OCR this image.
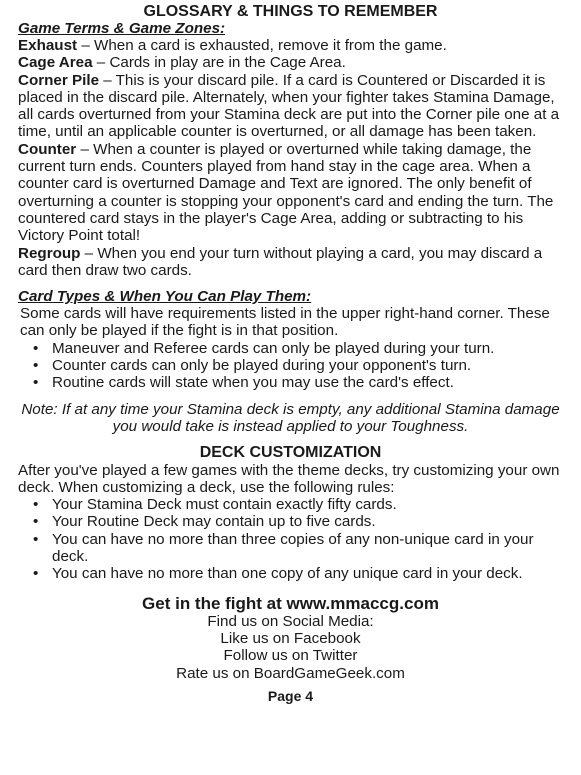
GLOSSARY & THINGS TO REMEMBER
Game Terms & Game Zones:
Exhaust – When a card is exhausted, remove it from the game.
Cage Area – Cards in play are in the Cage Area.
Corner Pile – This is your discard pile. If a card is Countered or Discarded it is placed in the discard pile. Alternately, when your fighter takes Stamina Damage, all cards overturned from your Stamina deck are put into the Corner pile one at a time, until an applicable counter is overturned, or all damage has been taken.
Counter – When a counter is played or overturned while taking damage, the current turn ends. Counters played from hand stay in the cage area. When a counter card is overturned Damage and Text are ignored. The only benefit of overturning a counter is stopping your opponent's card and ending the turn. The countered card stays in the player's Cage Area, adding or subtracting to his Victory Point total!
Regroup – When you end your turn without playing a card, you may discard a card then draw two cards.
Card Types & When You Can Play Them:
Some cards will have requirements listed in the upper right-hand corner. These can only be played if the fight is in that position.
• Maneuver and Referee cards can only be played during your turn.
• Counter cards can only be played during your opponent's turn.
• Routine cards will state when you may use the card's effect.
Note: If at any time your Stamina deck is empty, any additional Stamina damage you would take is instead applied to your Toughness.
DECK CUSTOMIZATION
After you've played a few games with the theme decks, try customizing your own deck. When customizing a deck, use the following rules:
• Your Stamina Deck must contain exactly fifty cards.
• Your Routine Deck may contain up to five cards.
• You can have no more than three copies of any non-unique card in your deck.
• You can have no more than one copy of any unique card in your deck.
Get in the fight at www.mmaccg.com
Find us on Social Media:
Like us on Facebook
Follow us on Twitter
Rate us on BoardGameGeek.com
Page 4
